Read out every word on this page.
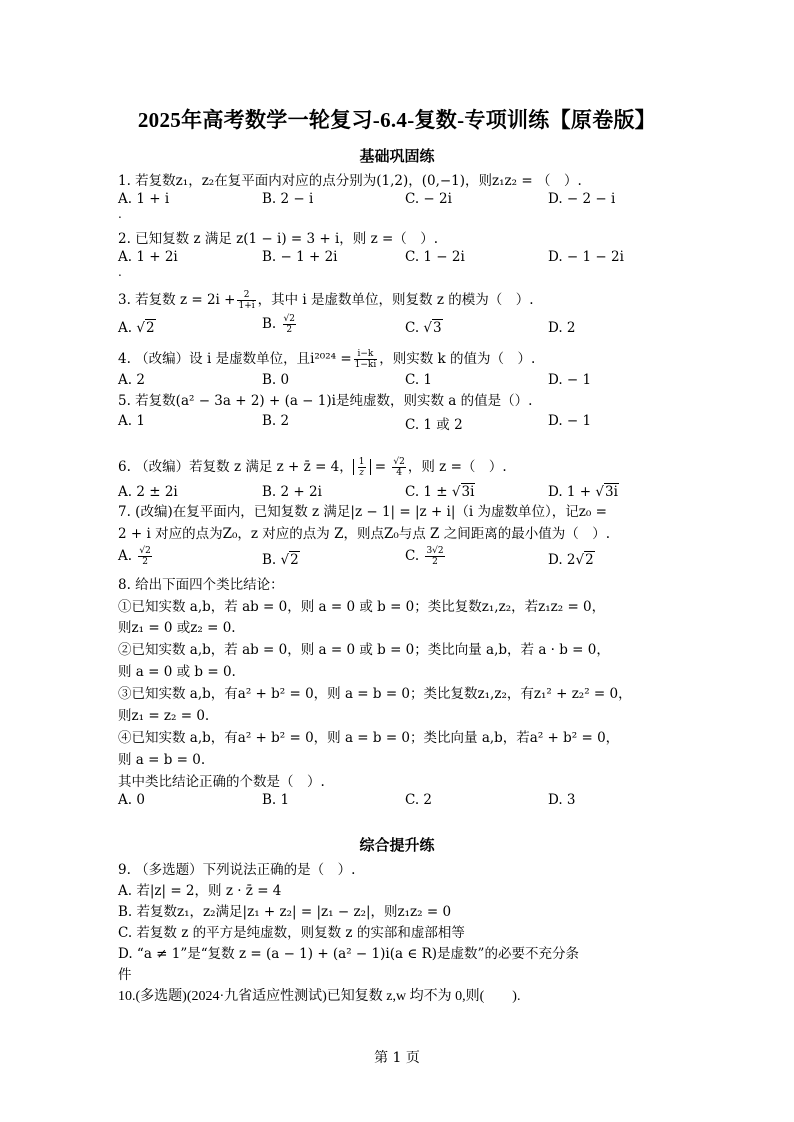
2025年高考数学一轮复习-6.4-复数-专项训练【原卷版】
基础巩固练
1. 若复数z₁，z₂在复平面内对应的点分别为(1,2)，(0,−1)，则z₁z₂ = （　）.
A. 1 + i	B. 2 − i	C. − 2i	D. − 2 − i
.
2. 已知复数 z 满足 z(1 − i) = 3 + i，则 z =（　）.
A. 1 + 2i	B. − 1 + 2i	C. 1 − 2i	D. − 1 − 2i
.
3. 若复数 $z = 2i + \frac{2}{1+i}$ ，其中 i 是虚数单位，则复数 z 的模为（　）.
A. √2	B. $\frac{√2}{2}$	C. √3	D. 2
4. （改编）设 i 是虚数单位，且$i^{2024} = \frac{i-k}{1-ki}$ ，则实数 k 的值为（　）.
A. 2	B. 0	C. 1	D. − 1
5. 若复数(a² − 3a + 2) + (a − 1)i是纯虚数，则实数 a 的值是（）.
A. 1	B. 2	C. 1 或 2	D. − 1
6. （改编）若复数 z 满足 z + z̄ = 4， $\frac{1}{z} = \frac{√2}{4}$ ，则 z =（　）.
A. 2 ± 2i	B. 2 + 2i	C. 1 ± √3i	D. 1 + √3i
7. (改编)在复平面内，已知复数 z 满足|z − 1| = |z + i|（i 为虚数单位），记z₀ =
2 + i 对应的点为Z₀，z 对应的点为 Z，则点Z₀与点 Z 之间距离的最小值为（　）.
A. $\frac{√2}{2}$	B. √2	C. $\frac{3√2}{2}$	D. 2√2
8. 给出下面四个类比结论：
①已知实数 a,b，若 ab = 0，则 a = 0 或 b = 0；类比复数z₁,z₂，若z₁z₂ = 0，
则z₁ = 0 或z₂ = 0.
②已知实数 a,b，若 ab = 0，则 a = 0 或 b = 0；类比向量 a,b，若 a · b = 0，
则 a = 0 或 b = 0.
③已知实数 a,b，有a² + b² = 0，则 a = b = 0；类比复数z₁,z₂，有z₁² + z₂² = 0，
则z₁ = z₂ = 0.
④已知实数 a,b，有a² + b² = 0，则 a = b = 0；类比向量 a,b，若a² + b² = 0，
则 a = b = 0.
其中类比结论正确的个数是（　）.
A. 0	B. 1	C. 2	D. 3
综合提升练
9. （多选题）下列说法正确的是（　）.
A. 若|z| = 2，则 z · z̄ = 4
B. 若复数z₁，z₂满足|z₁ + z₂| = |z₁ − z₂|，则z₁z₂ = 0
C. 若复数 z 的平方是纯虚数，则复数 z 的实部和虚部相等
D. “a ≠ 1”是“复数 z = (a − 1) + (a² − 1)i(a ∈ R)是虚数”的必要不充分条
件
10.(多选题)(2024·九省适应性测试)已知复数 z,w 均不为 0,则(　　).
第 1 页
